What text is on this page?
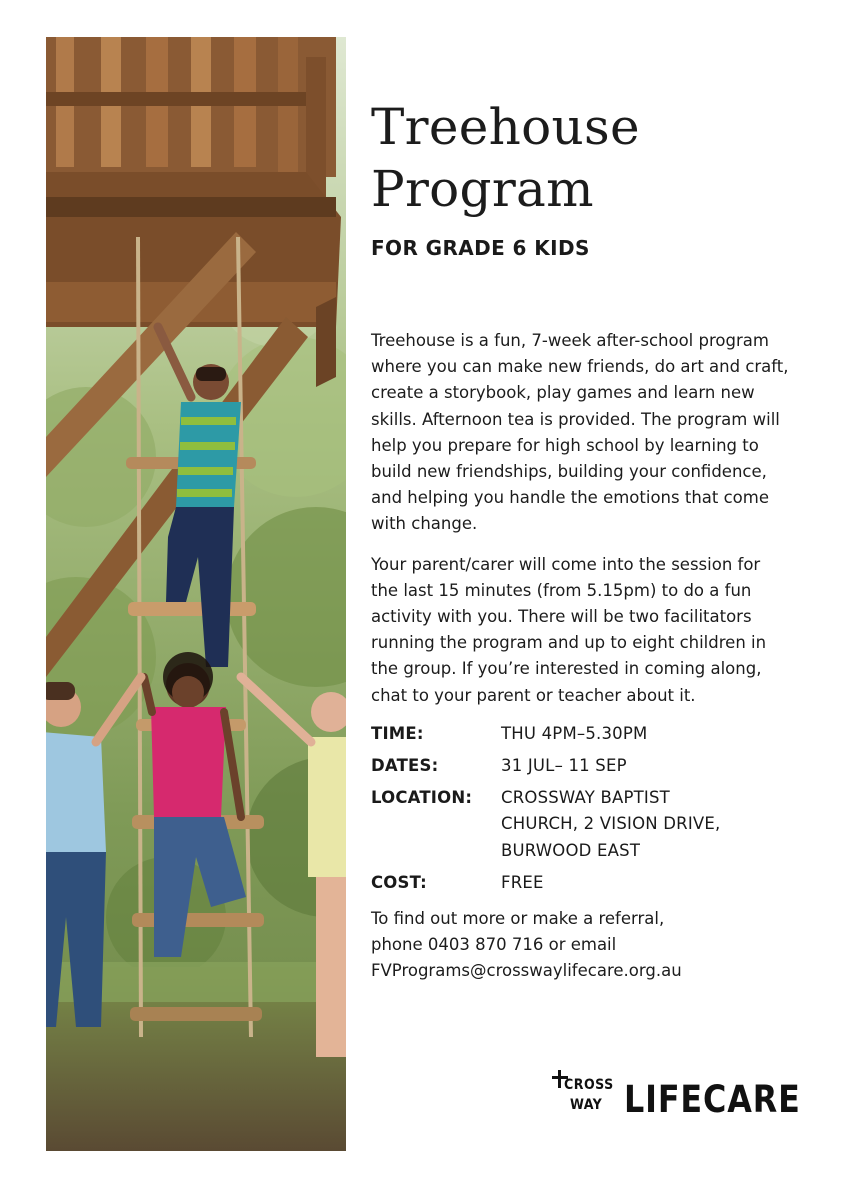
Treehouse
Program
FOR GRADE 6 KIDS

Treehouse is a fun, 7-week after-school program where you can make new friends, do art and craft, create a storybook, play games and learn new skills. Afternoon tea is provided. The program will help you prepare for high school by learning to build new friendships, building your confidence, and helping you handle the emotions that come with change.

Your parent/carer will come into the session for the last 15 minutes (from 5.15pm) to do a fun activity with you. There will be two facilitators running the program and up to eight children in the group. If you’re interested in coming along, chat to your parent or teacher about it.

TIME:	THU 4PM–5.30PM
DATES:	31 JUL– 11 SEP
LOCATION:	CROSSWAY BAPTIST
CHURCH, 2 VISION DRIVE,
BURWOOD EAST
COST:	FREE

To find out more or make a referral,
phone 0403 870 716 or email
FVPrograms@crosswaylifecare.org.au

CROSS
WAY LIFECARE
